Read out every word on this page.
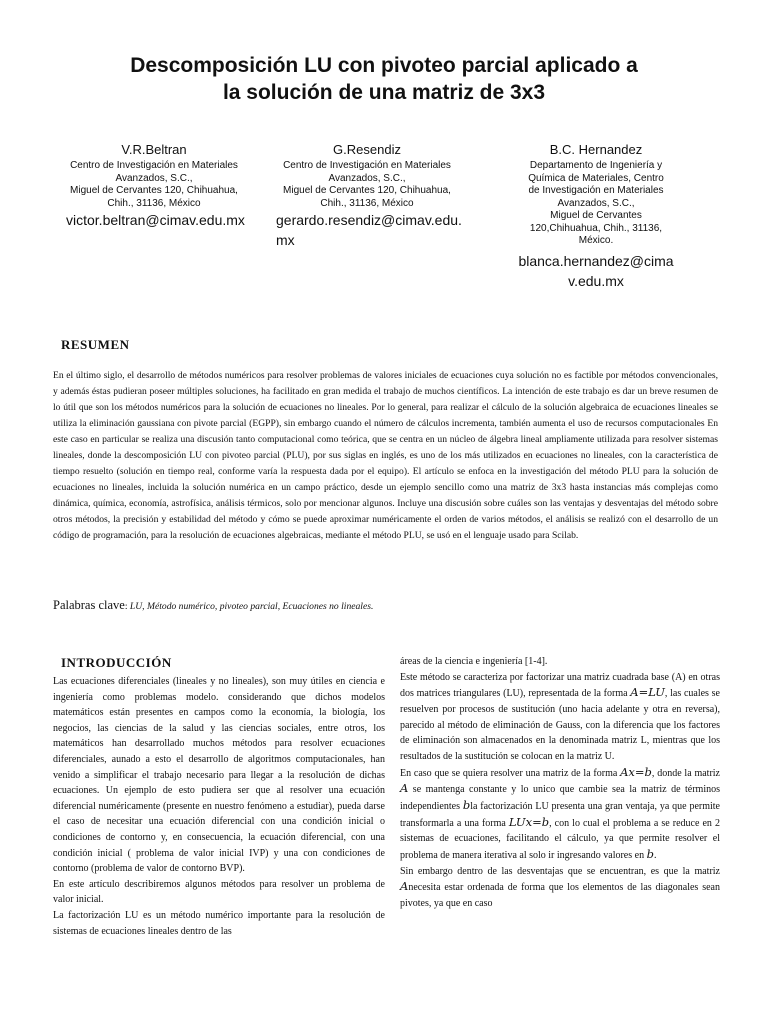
Descomposición LU con pivoteo parcial aplicado a
la solución de una matriz de 3x3
V.R.Beltran
Centro de Investigación en Materiales
Avanzados, S.C.,
Miguel de Cervantes 120, Chihuahua,
Chih., 31136, México
victor.beltran@cimav.edu.mx
G.Resendiz
Centro de Investigación en Materiales
Avanzados, S.C.,
Miguel de Cervantes 120, Chihuahua,
Chih., 31136, México
gerardo.resendiz@cimav.edu.mx
B.C. Hernandez
Departamento de Ingeniería y
Química de Materiales, Centro
de Investigación en Materiales
Avanzados, S.C.,
Miguel de Cervantes
120,Chihuahua, Chih., 31136,
México.
blanca.hernandez@cimav.edu.mx
RESUMEN
En el último siglo, el desarrollo de métodos numéricos para resolver problemas de valores iniciales de ecuaciones cuya solución no es factible por métodos convencionales, y además éstas pudieran poseer múltiples soluciones, ha facilitado en gran medida el trabajo de muchos científicos. La intención de este trabajo es dar un breve resumen de lo útil que son los métodos numéricos para la solución de ecuaciones no lineales. Por lo general, para realizar el cálculo de la solución algebraica de ecuaciones lineales se utiliza la eliminación gaussiana con pivote parcial (EGPP), sin embargo cuando el número de cálculos incrementa, también aumenta el uso de recursos computacionales En este caso en particular se realiza una discusión tanto computacional como teórica, que se centra en un núcleo de álgebra lineal ampliamente utilizada para resolver sistemas lineales, donde la descomposición LU con pivoteo parcial (PLU), por sus siglas en inglés, es uno de los más utilizados en ecuaciones no lineales, con la característica de tiempo resuelto (solución en tiempo real, conforme varía la respuesta dada por el equipo). El artículo se enfoca en la investigación del método PLU para la solución de ecuaciones no lineales, incluida la solución numérica en un campo práctico, desde un ejemplo sencillo como una matriz de 3x3 hasta instancias más complejas como dinámica, química, economía, astrofísica, análisis térmicos, solo por mencionar algunos. Incluye una discusión sobre cuáles son las ventajas y desventajas del método sobre otros métodos, la precisión y estabilidad del método y cómo se puede aproximar numéricamente el orden de varios métodos, el análisis se realizó con el desarrollo de un código de programación, para la resolución de ecuaciones algebraicas, mediante el método PLU, se usó en el lenguaje usado para Scilab.
Palabras clave: LU, Método numérico, pivoteo parcial, Ecuaciones no lineales.
INTRODUCCIÓN

Las ecuaciones diferenciales (lineales y no lineales), son muy útiles en ciencia e ingeniería como problemas modelo. considerando que dichos modelos matemáticos están presentes en campos como la economía, la biología, los negocios, las ciencias de la salud y las ciencias sociales, entre otros, los matemáticos han desarrollado muchos métodos para resolver ecuaciones diferenciales, aunado a esto el desarrollo de algoritmos computacionales, han venido a simplificar el trabajo necesario para llegar a la resolución de dichas ecuaciones. Un ejemplo de esto pudiera ser que al resolver una ecuación diferencial numéricamente (presente en nuestro fenómeno a estudiar), pueda darse el caso de necesitar una ecuación diferencial con una condición inicial o condiciones de contorno y, en consecuencia, la ecuación diferencial, con una condición inicial ( problema de valor inicial IVP) y una con condiciones de contorno (problema de valor de contorno BVP).

En este artículo describiremos algunos métodos para resolver un problema de valor inicial.

La factorización LU es un método numérico importante para la resolución de sistemas de ecuaciones lineales dentro de las

áreas de la ciencia e ingeniería [1-4].

Este método se caracteriza por factorizar una matriz cuadrada base (A) en otras dos matrices triangulares (LU), representada de la forma A=LU, las cuales se resuelven por procesos de sustitución (uno hacia adelante y otra en reversa), parecido al método de eliminación de Gauss, con la diferencia que los factores de eliminación son almacenados en la denominada matriz L, mientras que los resultados de la sustitución se colocan en la matriz U.

En caso que se quiera resolver una matriz de la forma Ax=b, donde la matriz A se mantenga constante y lo unico que cambie sea la matriz de términos independientes bla factorización LU presenta una gran ventaja, ya que permite transformarla a una forma LUx=b, con lo cual el problema a se reduce en 2 sistemas de ecuaciones, facilitando el cálculo, ya que permite resolver el problema de manera iterativa al solo ir ingresando valores en b.

Sin embargo dentro de las desventajas que se encuentran, es que la matriz Anecesita estar ordenada de forma que los elementos de las diagonales sean pivotes, ya que en caso
